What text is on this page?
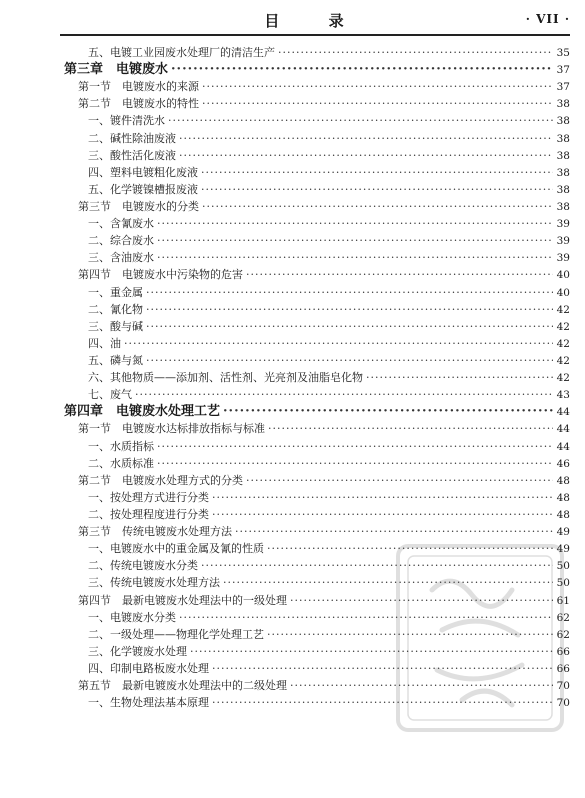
目 录	· VII ·
五、电镀工业园废水处理厂的清洁生产 ·····	35
第三章　电镀废水 ·····	37
第一节　电镀废水的来源 ·····	37
第二节　电镀废水的特性 ·····	38
一、镀件清洗水 ·····	38
二、碱性除油废液 ·····	38
三、酸性活化废液 ·····	38
四、塑料电镀粗化废液 ·····	38
五、化学镀镍槽报废液 ·····	38
第三节　电镀废水的分类 ·····	38
一、含氰废水 ·····	39
二、综合废水 ·····	39
三、含油废水 ·····	39
第四节　电镀废水中污染物的危害 ·····	40
一、重金属 ·····	40
二、氰化物 ·····	42
三、酸与碱 ·····	42
四、油 ·····	42
五、磷与氮 ·····	42
六、其他物质——添加剂、活性剂、光亮剂及油脂皂化物 ·····	42
七、废气 ·····	43
第四章　电镀废水处理工艺 ·····	44
第一节　电镀废水达标排放指标与标准 ·····	44
一、水质指标 ·····	44
二、水质标准 ·····	46
第二节　电镀废水处理方式的分类 ·····	48
一、按处理方式进行分类 ·····	48
二、按处理程度进行分类 ·····	48
第三节　传统电镀废水处理方法 ·····	49
一、电镀废水中的重金属及氰的性质 ·····	49
二、传统电镀废水分类 ·····	50
三、传统电镀废水处理方法 ·····	50
第四节　最新电镀废水处理法中的一级处理 ·····	61
一、电镀废水分类 ·····	62
二、一级处理——物理化学处理工艺 ·····	62
三、化学镀废水处理 ·····	66
四、印制电路板废水处理 ·····	66
第五节　最新电镀废水处理法中的二级处理 ·····	70
一、生物处理法基本原理 ·····	70
